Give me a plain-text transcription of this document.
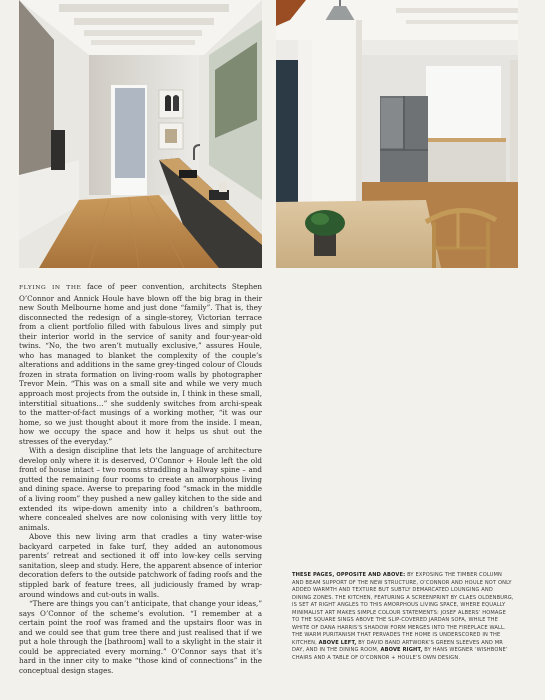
FLYING IN THE face of peer convention, architects Stephen O’Connor and Annick Houle have blown off the big brag in their new South Melbourne home and just done “family”. That is, they disconnected the redesign of a single-storey, Victorian terrace from a client portfolio filled with fabulous lives and simply put their interior world in the service of sanity and four-year-old twins. “No, the two aren’t mutually exclusive,” assures Houle, who has managed to blanket the complexity of the couple’s alterations and additions in the same grey-tinged colour of Clouds frozen in strata formation on living-room walls by photographer Trevor Mein. “This was on a small site and while we very much approach most projects from the outside in, I think in these small, interstitial situations…” she suddenly switches from archi-speak to the matter-of-fact musings of a working mother, “it was our home, so we just thought about it more from the inside. I mean, how we occupy the space and how it helps us shut out the stresses of the everyday.”

With a design discipline that lets the language of architecture develop only where it is deserved, O’Connor + Houle left the old front of house intact – two rooms straddling a hallway spine – and gutted the remaining four rooms to create an amorphous living and dining space. Averse to preparing food “smack in the middle of a living room” they pushed a new galley kitchen to the side and extended its wipe-down amenity into a children’s bathroom, where concealed shelves are now colonising with very little toy animals.

Above this new living arm that cradles a tiny water-wise backyard carpeted in fake turf, they added an autonomous parents’ retreat and sectioned it off into low-key cells serving sanitation, sleep and study. Here, the apparent absence of interior decoration defers to the outside patchwork of fading roofs and the stippled bark of feature trees, all judiciously framed by wrap-around windows and cut-outs in walls.

“There are things you can’t anticipate, that change your ideas,” says O’Connor of the scheme’s evolution. “I remember at a certain point the roof was framed and the upstairs floor was in and we could see that gum tree there and just realised that if we put a hole through the [bathroom] wall to a skylight in the stair it could be appreciated every morning.” O’Connor says that it’s hard in the inner city to make “those kind of connections” in the conceptual design stages.

THESE PAGES, OPPOSITE AND ABOVE: BY EXPOSING THE TIMBER COLUMN AND BEAM SUPPORT OF THE NEW STRUCTURE, O’CONNOR AND HOULE NOT ONLY ADDED WARMTH AND TEXTURE BUT SUBTLY DEMARCATED LOUNGING AND DINING ZONES. THE KITCHEN, FEATURING A SCREENPRINT BY CLAES OLDENBURG, IS SET AT RIGHT ANGLES TO THIS AMORPHOUS LIVING SPACE, WHERE EQUALLY MINIMALIST ART MAKES SIMPLE COLOUR STATEMENTS: JOSEF ALBERS’ HOMAGE TO THE SQUARE SINGS ABOVE THE SLIP-COVERED JARDAN SOFA, WHILE THE WHITE OF DANA HARRIS’S SHADOW FORM MERGES INTO THE FIREPLACE WALL. THE WARM PURITANISM THAT PERVADES THE HOME IS UNDERSCORED IN THE KITCHEN, ABOVE LEFT, BY DAVID BAND ARTWORK’S GREEN SLEEVES AND MR DAY, AND IN THE DINING ROOM, ABOVE RIGHT, BY HANS WEGNER ‘WISHBONE’ CHAIRS AND A TABLE OF O’CONNOR + HOULE’S OWN DESIGN.
